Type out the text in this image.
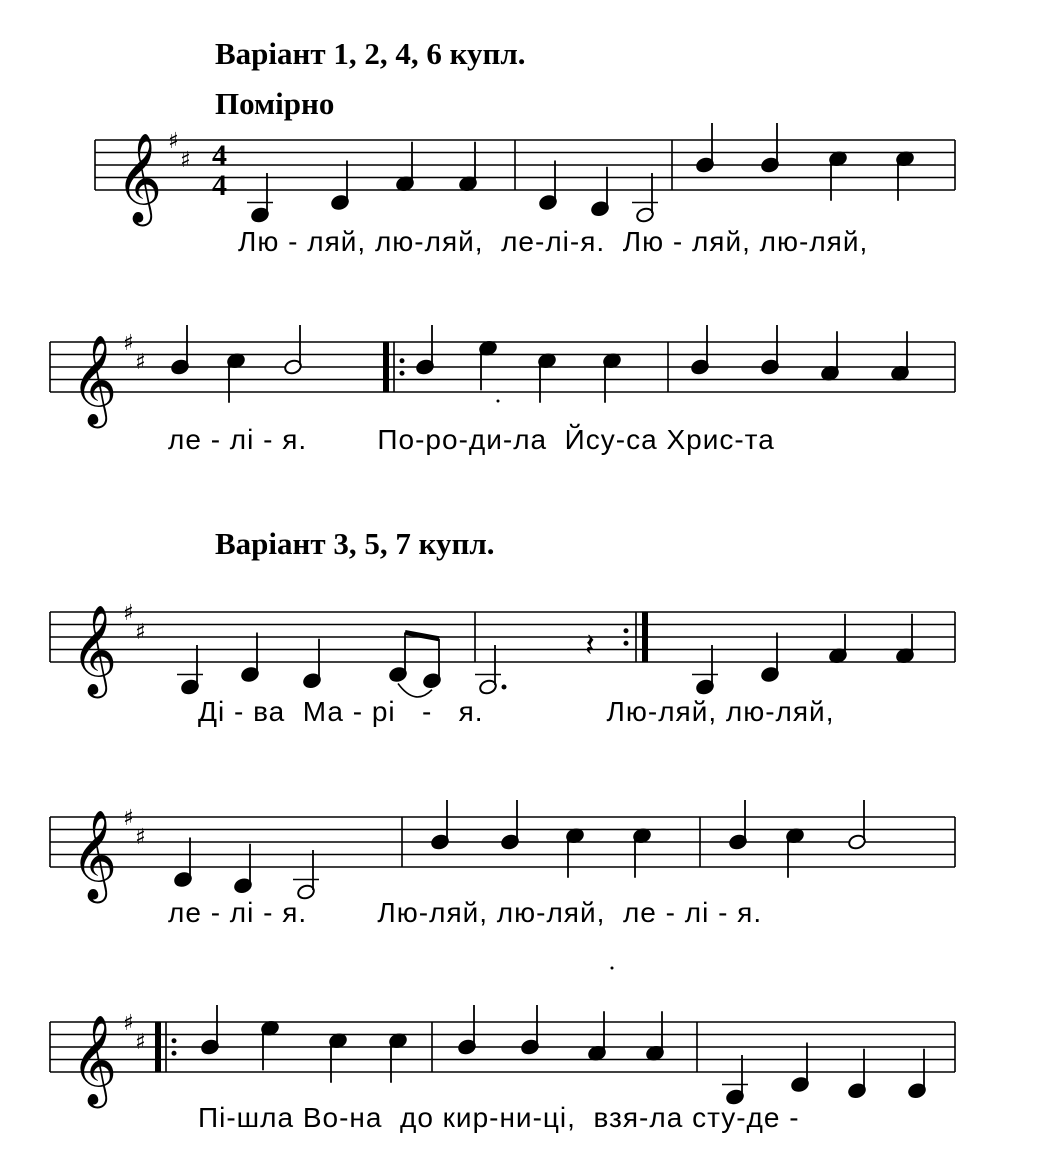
Варіант 1, 2, 4, 6 купл.
Помірно
Варіант 3, 5, 7 купл.
𝄞 ♯
♯
𝄞 ♯
♯
𝄞 ♯
♯
𝄞 ♯
♯
𝄞 ♯
♯
𝄽
4
4
Лю - ляй, лю-ляй,  ле-лі-я.  Лю - ляй, лю-ляй,
ле - лі - я.        По-ро-ди-ла  Йсу-са Хрис-та
Ді - ва  Ма - рі   -   я.              Лю-ляй, лю-ляй,
ле - лі - я.        Лю-ляй, лю-ляй,  ле - лі - я.
Пі-шла Во-на  до кир-ни-ці,  взя-ла сту-де -
